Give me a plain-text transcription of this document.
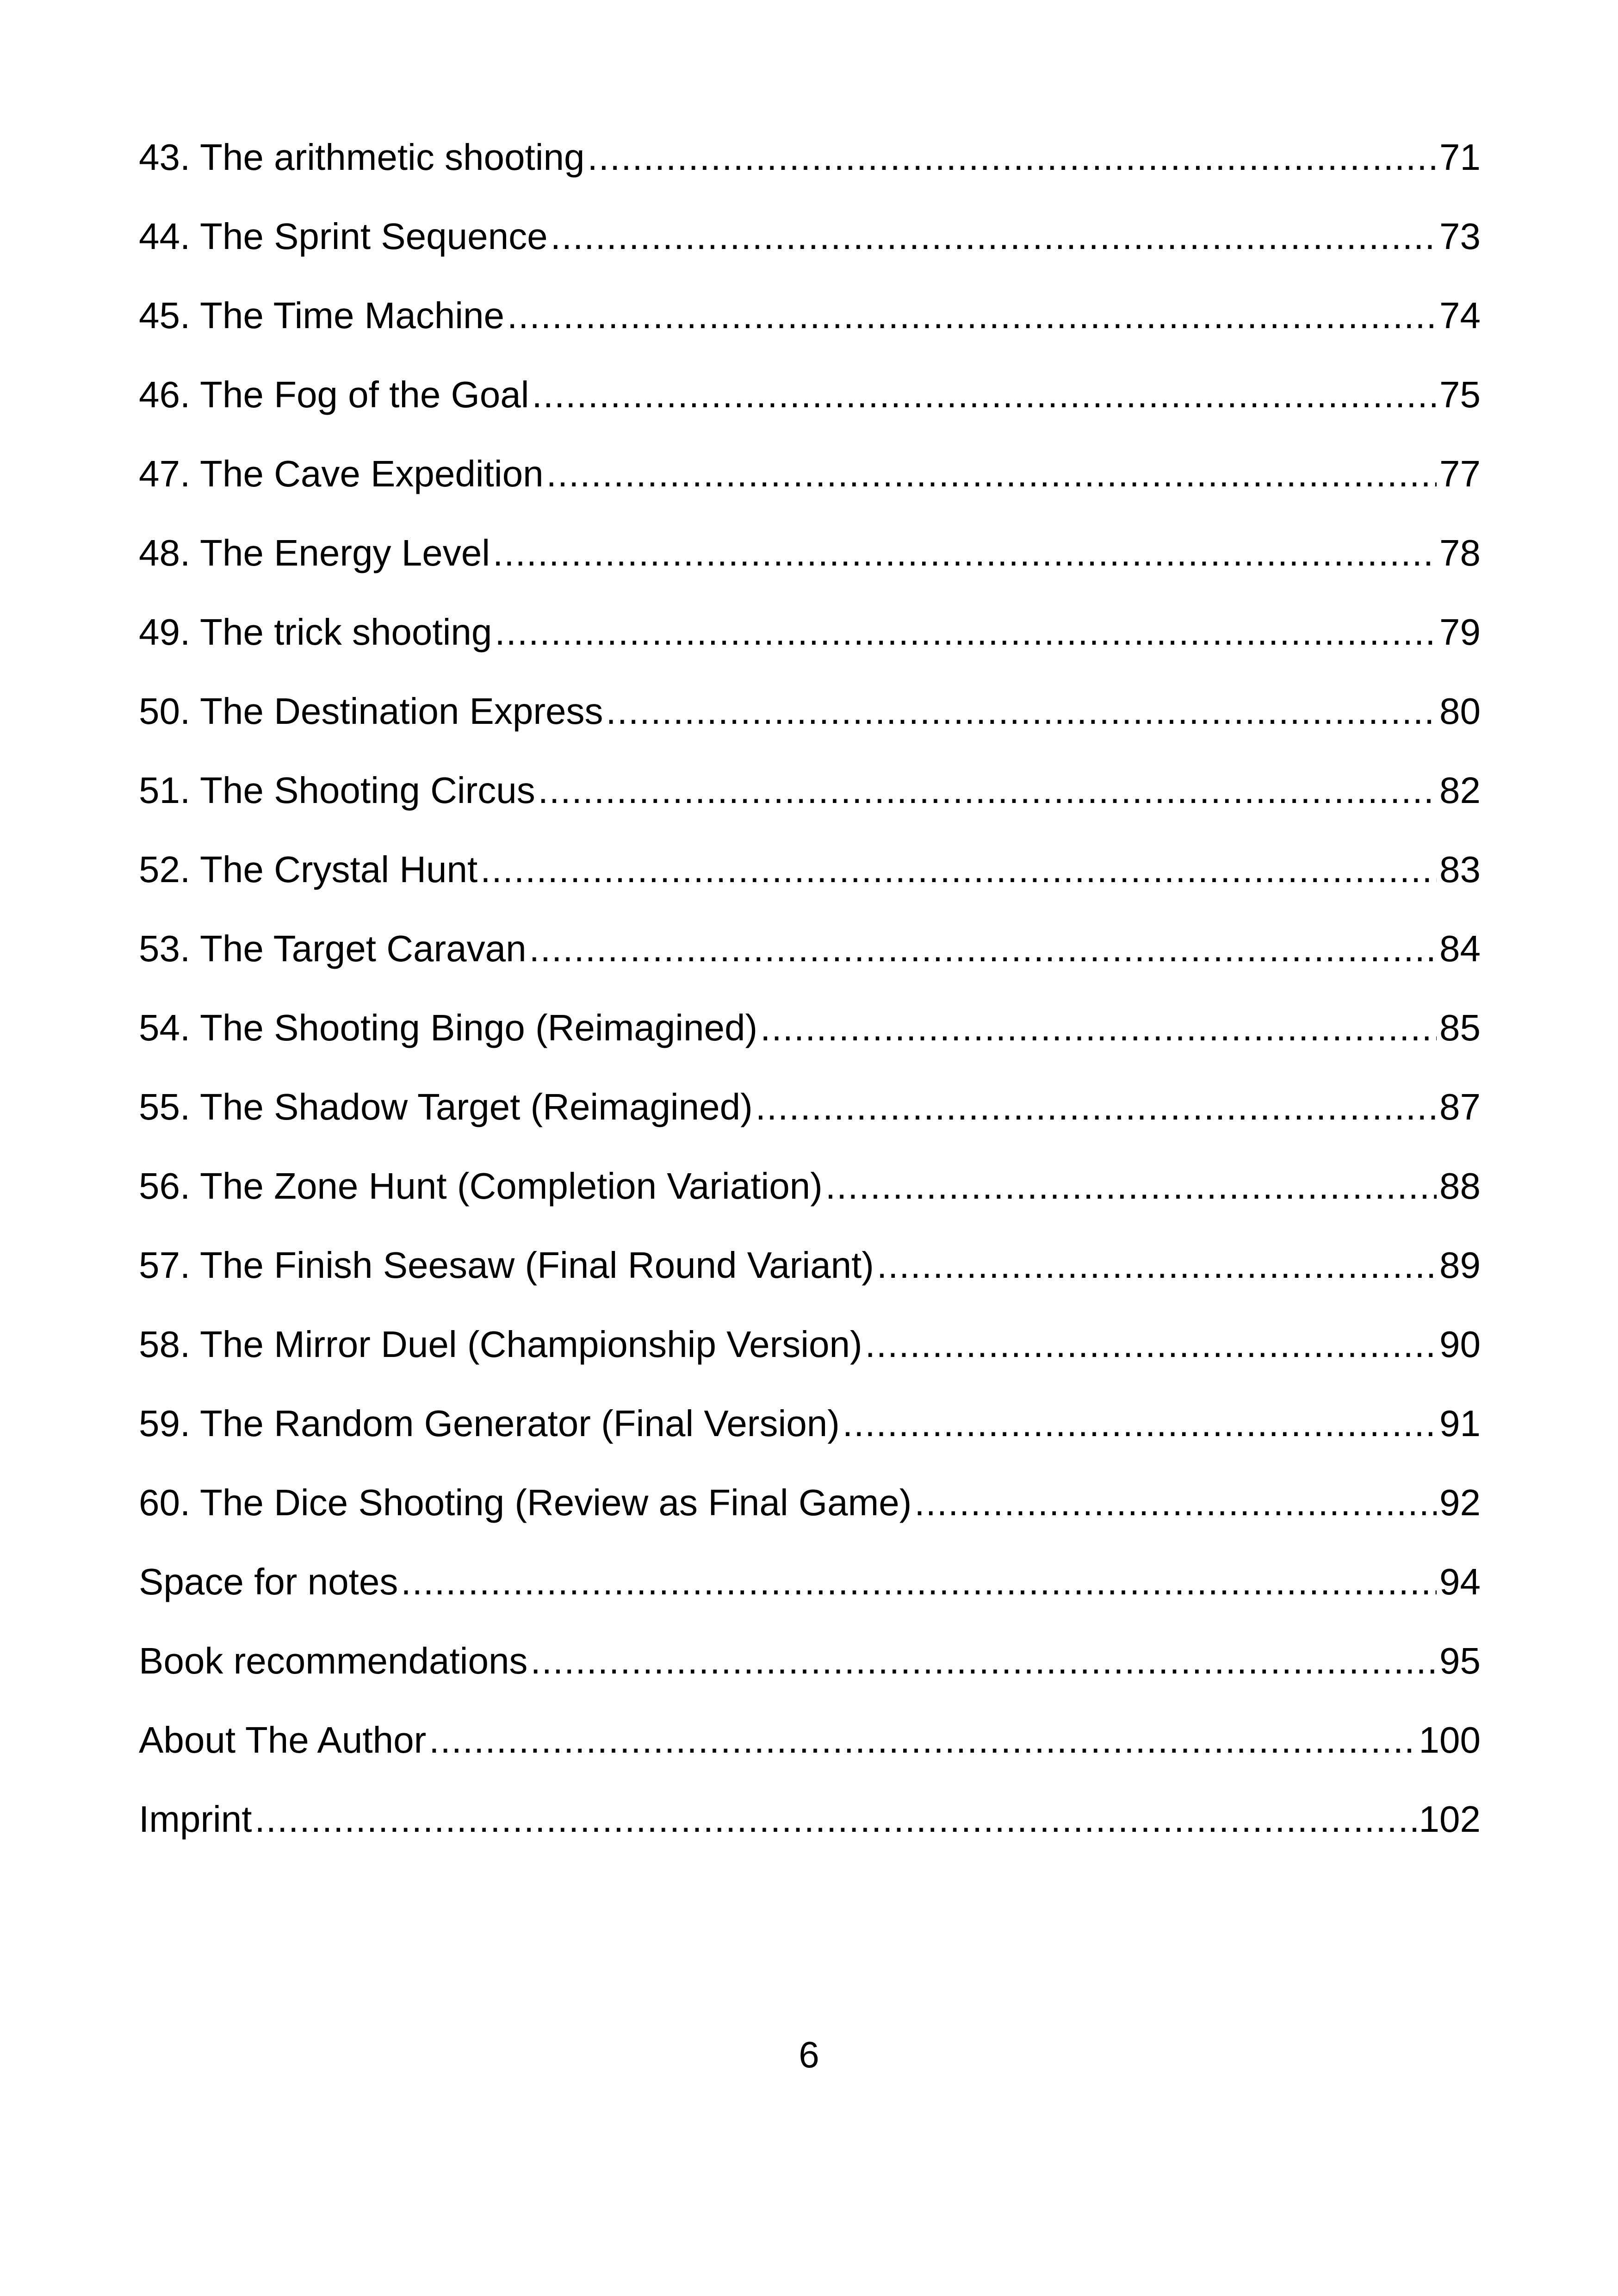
43. The arithmetic shooting .....	71
44. The Sprint Sequence .....	73
45. The Time Machine .....	74
46. The Fog of the Goal .....	75
47. The Cave Expedition .....	77
48. The Energy Level .....	78
49. The trick shooting .....	79
50. The Destination Express .....	80
51. The Shooting Circus .....	82
52. The Crystal Hunt .....	83
53. The Target Caravan .....	84
54. The Shooting Bingo (Reimagined) .....	85
55. The Shadow Target (Reimagined) .....	87
56. The Zone Hunt (Completion Variation) .....	88
57. The Finish Seesaw (Final Round Variant) .....	89
58. The Mirror Duel (Championship Version) .....	90
59. The Random Generator (Final Version) .....	91
60. The Dice Shooting (Review as Final Game) .....	92
Space for notes .....	94
Book recommendations .....	95
About The Author .....	100
Imprint .....	102
6
